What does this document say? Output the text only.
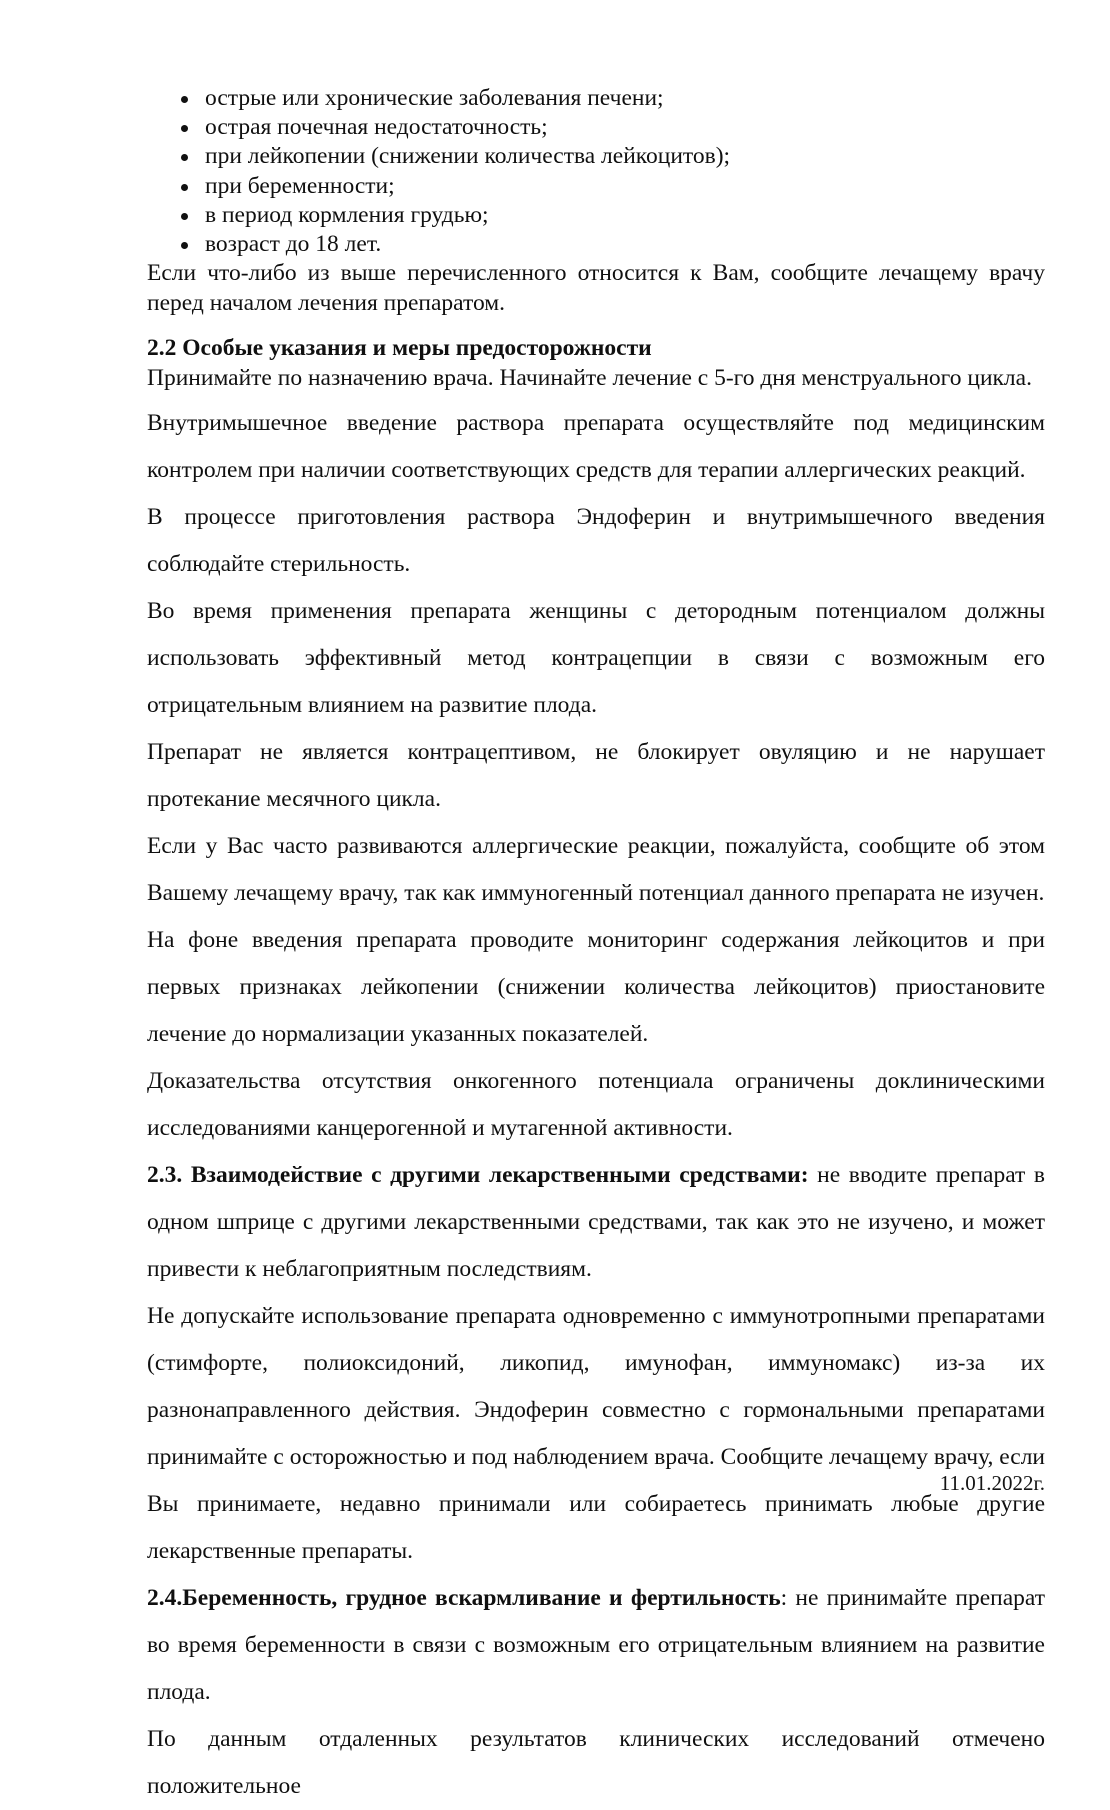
острые или хронические заболевания печени;
острая почечная недостаточность;
при лейкопении (снижении количества лейкоцитов);
при беременности;
в период кормления грудью;
возраст до 18 лет.

Если что-либо из выше перечисленного относится к Вам, сообщите лечащему врачу перед началом лечения препаратом.

2.2 Особые указания и меры предосторожности

Принимайте по назначению врача. Начинайте лечение с 5-го дня менструального цикла.

Внутримышечное введение раствора препарата осуществляйте под медицинским контролем при наличии соответствующих средств для терапии аллергических реакций.

В процессе приготовления раствора Эндоферин и внутримышечного введения соблюдайте стерильность.

Во время применения препарата женщины с детородным потенциалом должны использовать эффективный метод контрацепции в связи с возможным его отрицательным влиянием на развитие плода.

Препарат не является контрацептивом, не блокирует овуляцию и не нарушает протекание месячного цикла.

Если у Вас часто развиваются аллергические реакции, пожалуйста, сообщите об этом Вашему лечащему врачу, так как иммуногенный потенциал данного препарата не изучен.

На фоне введения препарата проводите мониторинг содержания лейкоцитов и при первых признаках лейкопении (снижении количества лейкоцитов) приостановите лечение до нормализации указанных показателей.

Доказательства отсутствия онкогенного потенциала ограничены доклиническими исследованиями канцерогенной и мутагенной активности.

2.3. Взаимодействие с другими лекарственными средствами: не вводите препарат в одном шприце с другими лекарственными средствами, так как это не изучено, и может привести к неблагоприятным последствиям.

Не допускайте использование препарата одновременно с иммунотропными препаратами (стимфорте, полиоксидоний, ликопид, имунофан, иммуномакс) из-за их разнонаправленного действия. Эндоферин совместно с гормональными препаратами принимайте с осторожностью и под наблюдением врача. Сообщите лечащему врачу, если Вы принимаете, недавно принимали или собираетесь принимать любые другие лекарственные препараты.

2.4.Беременность, грудное вскармливание и фертильность: не принимайте препарат во время беременности в связи с возможным его отрицательным влиянием на развитие плода.

По данным отдаленных результатов клинических исследований отмечено положительное

11.01.2022г.
